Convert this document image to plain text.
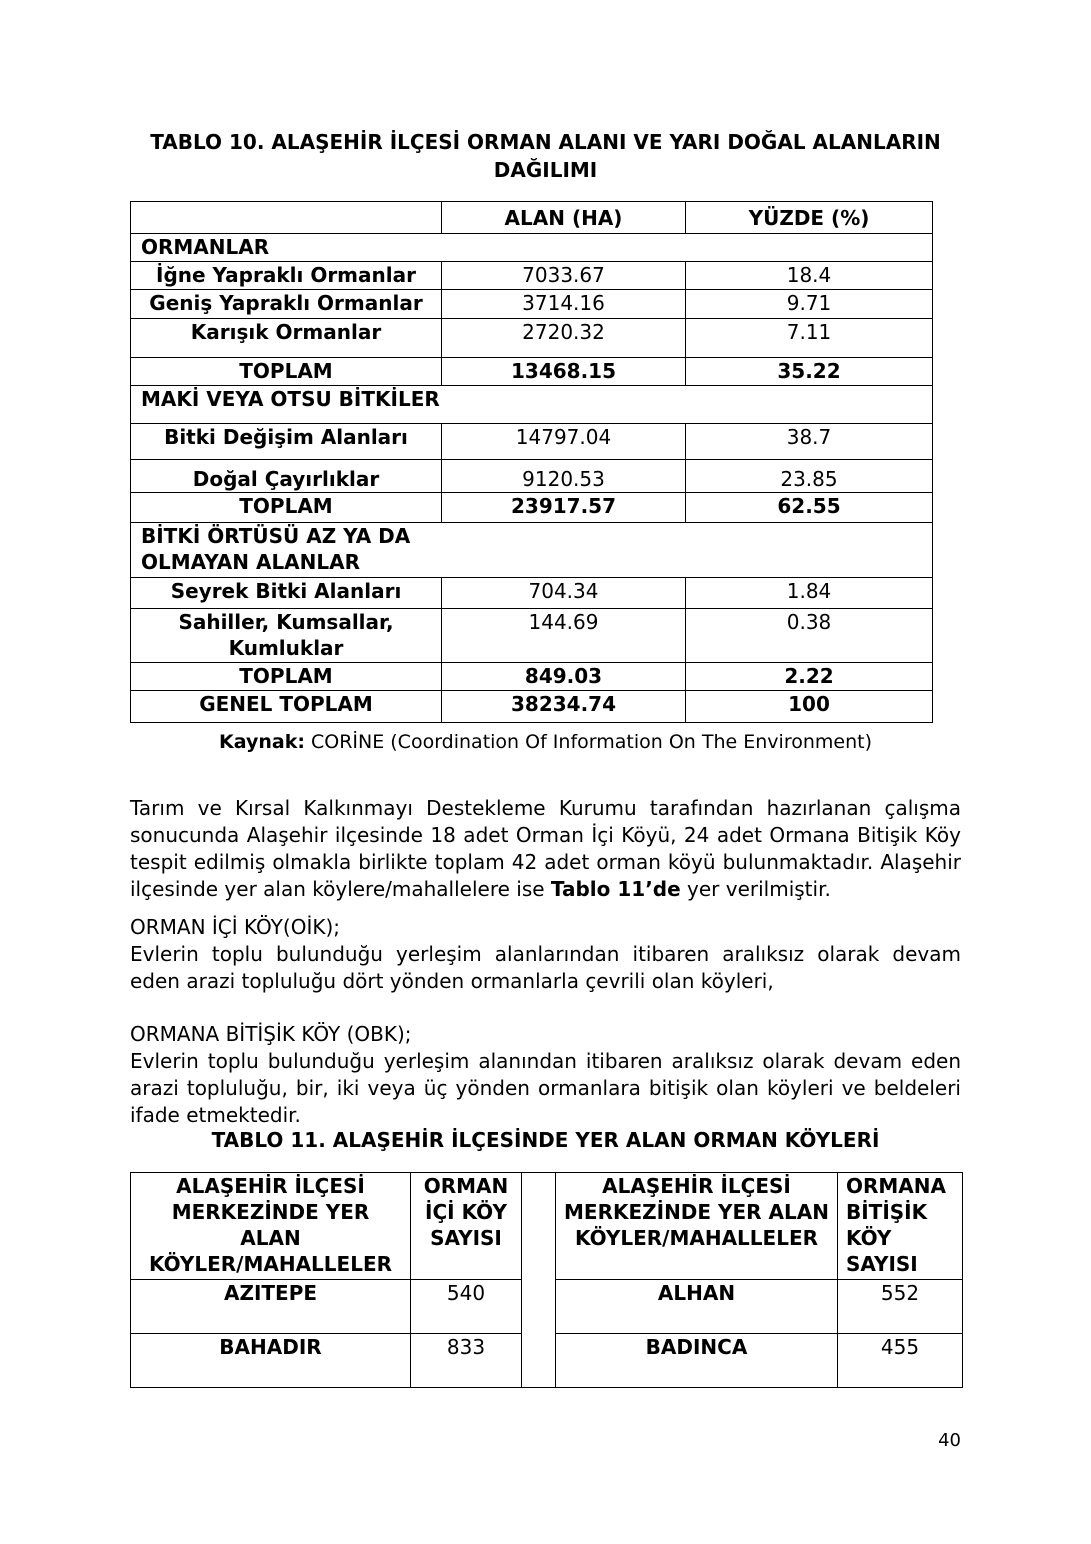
TABLO 10. ALAŞEHİR İLÇESİ ORMAN ALANI VE YARI DOĞAL ALANLARIN DAĞILIMI
	ALAN (HA)	YÜZDE (%)
ORMANLAR		
İğne Yapraklı Ormanlar	7033.67	18.4
Geniş Yapraklı Ormanlar	3714.16	9.71
Karışık Ormanlar	2720.32	7.11
TOPLAM	13468.15	35.22
MAKİ VEYA OTSU BİTKİLER		
Bitki Değişim Alanları	14797.04	38.7
Doğal Çayırlıklar	9120.53	23.85
TOPLAM	23917.57	62.55
BİTKİ ÖRTÜSÜ AZ YA DA OLMAYAN ALANLAR		
Seyrek Bitki Alanları	704.34	1.84
Sahiller, Kumsallar, Kumluklar	144.69	0.38
TOPLAM	849.03	2.22
GENEL TOPLAM	38234.74	100
Kaynak: CORİNE (Coordination Of Information On The Environment)

Tarım ve Kırsal Kalkınmayı Destekleme Kurumu tarafından hazırlanan çalışma sonucunda Alaşehir ilçesinde 18 adet Orman İçi Köyü, 24 adet Ormana Bitişik Köy tespit edilmiş olmakla birlikte toplam 42 adet orman köyü bulunmaktadır. Alaşehir ilçesinde yer alan köylere/mahallelere ise Tablo 11’de yer verilmiştir.

ORMAN İÇİ KÖY(OİK);

Evlerin toplu bulunduğu yerleşim alanlarından itibaren aralıksız olarak devam eden arazi topluluğu dört yönden ormanlarla çevrili olan köyleri,

ORMANA BİTİŞİK KÖY (OBK);

Evlerin toplu bulunduğu yerleşim alanından itibaren aralıksız olarak devam eden arazi topluluğu, bir, iki veya üç yönden ormanlara bitişik olan köyleri ve beldeleri ifade etmektedir.

TABLO 11. ALAŞEHİR İLÇESİNDE YER ALAN ORMAN KÖYLERİ
ALAŞEHİR İLÇESİ MERKEZİNDE YER ALAN KÖYLER/MAHALLELER	ORMAN İÇİ KÖY SAYISI		ALAŞEHİR İLÇESİ MERKEZİNDE YER ALAN KÖYLER/MAHALLELER	ORMANA BİTİŞİK KÖY SAYISI
AZITEPE	540		ALHAN	552
BAHADIR	833		BADINCA	455
40
